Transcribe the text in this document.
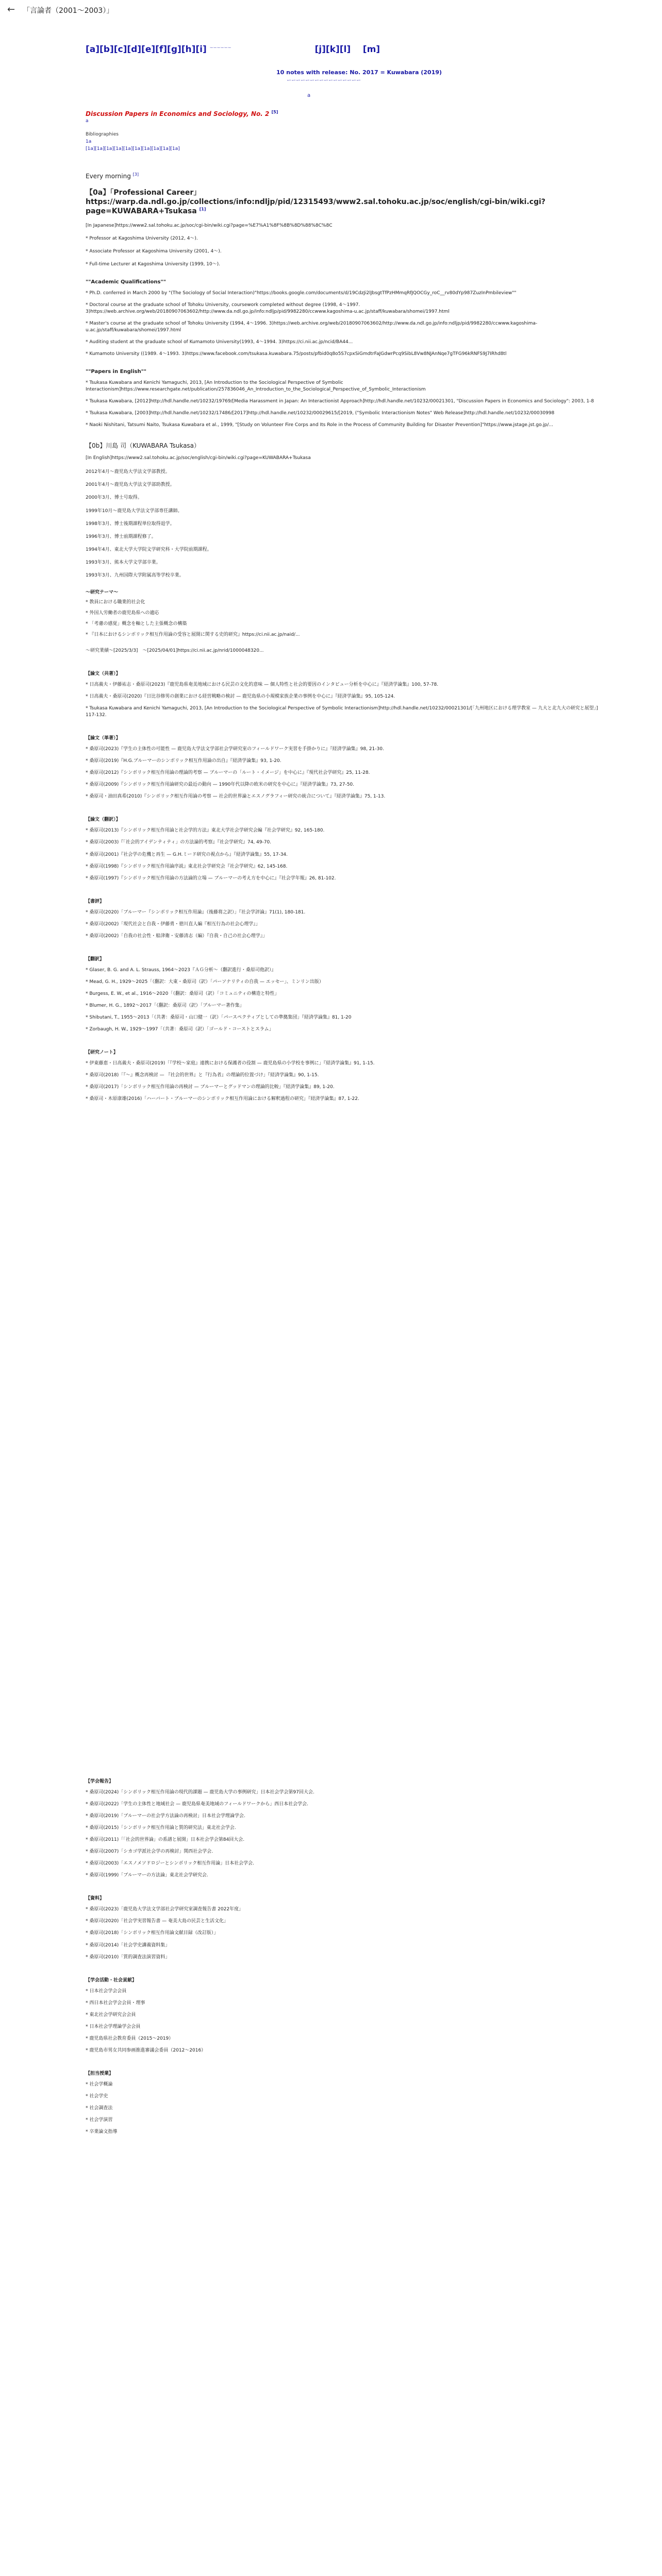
← 「言論者（2001〜2003）」
[a][b][c][d][e][f][g][h][i] $^{ーーーーーー}$	[j][k][l] [m]
10 notes with release: No. 2017 = Kuwabara (2019)
ーーーーーーーーーーーーーーーー
a
Discussion Papers in Economics and Sociology, No. 2 [5]
a
Bibliographies
1a
[1a][1a][1a][1a][1a][1a][1a][1a][1a][1a]
Every morning [3]
【0a】「Professional Career」https://warp.da.ndl.go.jp/collections/info:ndljp/pid/12315493/www2.sal.tohoku.ac.jp/soc/english/cgi-bin/wiki.cgi?page=KUWABARA+Tsukasa [1]
[In Japanese]https://www2.sal.tohoku.ac.jp/soc/cgi-bin/wiki.cgi?page=%E7%A1%8F%8B%8D%88%8C%8C
* Professor at Kagoshima University (2012, 4〜).
* Associate Professor at Kagoshima University (2001, 4〜).
* Full-time Lecturer at Kagoshima University (1999, 10〜).
""Academic Qualifications""
* Ph.D. conferred in March 2000 by "(The Sociology of Social Interaction)"https://books.google.com/documents/d/19CdzJi2lJbsgtTfPzHMmqRfJQOCGy_roC__rv80dYp987ZuzInPmbileview""
* Doctoral course at the graduate school of Tohoku University, coursework completed without degree (1998, 4〜1997. 3)https://web.archive.org/web/20180907063602/http://www.da.ndl.go.jp/info:ndljp/pid/9982280/ccwww.kagoshima-u.ac.jp/staff/kuwabara/shomei/1997.html
* Master's course at the graduate school of Tohoku University (1994, 4〜1996. 3)https://web.archive.org/web/20180907063602/http://www.da.ndl.go.jp/info:ndljp/pid/9982280/ccwww.kagoshima-u.ac.jp/staff/kuwabara/shomei/1997.html
* Auditing student at the graduate school of Kumamoto University(1993, 4〜1994. 3)https://ci.nii.ac.jp/ncid/BA44...
* Kumamoto University ((1989. 4〜1993. 3)https://www.facebook.com/tsukasa.kuwabara.75/posts/pfbid0q8o5S7cpxSiGmdtrFaJGdwrPcq9SibL8Vw8NJAnNqe7gTFG96kRNFS9J7IRhd8tl
""Papers in English""
* Tsukasa Kuwabara and Kenichi Yamaguchi, 2013, [An Introduction to the Sociological Perspective of Symbolic Interactionism]https://www.researchgate.net/publication/257836046_An_Introduction_to_the_Sociological_Perspective_of_Symbolic_Interactionism
* Tsukasa Kuwabara, [2012]http://hdl.handle.net/10232/19769/[Media Harassment in Japan: An Interactionist Approach]http://hdl.handle.net/10232/00021301, "Discussion Papers in Economics and Sociology": 2003, 1-8
* Tsukasa Kuwabara, [2003]http://hdl.handle.net/10232/17486/[2017]http://hdl.handle.net/10232/00029615/[2019, ("Symbolic Interactionism Notes" Web Release]http://hdl.handle.net/10232/00030998
* Naoki Nishitani, Tatsumi Naito, Tsukasa Kuwabara et al., 1999, "[Study on Volunteer Fire Corps and Its Role in the Process of Community Building for Disaster Prevention]"https://www.jstage.jst.go.jp/...
【0b】川島 司（KUWABARA Tsukasa）
[In English]https://www2.sal.tohoku.ac.jp/soc/english/cgi-bin/wiki.cgi?page=KUWABARA+Tsukasa
2012年4月〜鹿児島大学法文学部教授。
2001年4月〜鹿児島大学法文学部助教授。
2000年3月、博士号取得。
1999年10月〜鹿児島大学法文学部専任講師。
1998年3月、博士後期課程単位取得退学。
1996年3月、博士前期課程修了。
1994年4月、東北大学大学院文学研究科・大学院前期課程。
1993年3月、熊本大学文学部卒業。
1993年3月、九州国際大学附属高等学校卒業。
〜研究テーマ〜
* 教員における職業的社会化
* 外国人労働者の鹿児島県への適応
* 「考慮の感覚」概念を軸とした主張概念の構築
* 『日本におけるシンボリック相互作用論の受容と展開に関する史的研究』https://ci.nii.ac.jp/naid/...
〜研究業績〜[2025/3/3]　〜[2025/04/01]https://ci.nii.ac.jp/nrid/1000048320...
【論文（共著）】
* 日高義夫・伊藤祐志・桑原司(2023)『鹿児島県奄美地域における民芸の文化的意味 — 個人特性と社会的要因のインタビュー分析を中心に』『経済学論集』100, 57-78.
* 日高義夫・桑原司(2020)『日比谷修男の創業における経営戦略の検討 — 鹿児島県の小規模家族企業の事例を中心に』『経済学論集』95, 105-124.
* Tsukasa Kuwabara and Kenichi Yamaguchi, 2013, [An Introduction to the Sociological Perspective of Symbolic Interactionism]http://hdl.handle.net/10232/00021301/[「九州地区における理学教室 — 九大と北九大の研究と展望」] 117-132.
【論文（単著）】
* 桑原司(2023)『学生の主体性の可能性 — 鹿児島大学法文学部社会学研究室のフィールドワーク実習を手掛かりに』『経済学論集』98, 21-30.
* 桑原司(2019)『H.G.ブルーマーのシンボリック相互作用論の出自』『経済学論集』93, 1-20.
* 桑原司(2012)『シンボリック相互作用論の理論的考察 — ブルーマーの「ルート・イメージ」を中心に』『現代社会学研究』25, 11-28.
* 桑原司(2009)『シンボリック相互作用論研究の最近の動向 — 1990年代以降の欧米の研究を中心に』『経済学論集』73, 27-50.
* 桑原司・油田真希(2010)『シンボリック相互作用論の考察 — 社会的世界論とエスノグラフィー研究の統合について』『経済学論集』75, 1-13.
【論文（翻訳）】
* 桑原司(2013)『シンボリック相互作用論と社会学的方法』東北大学社会学研究会編『社会学研究』92, 165-180.
* 桑原司(2003)『「社会的アイデンティティ」の方法論的考察』『社会学研究』74, 49-70.
* 桑原司(2001)『社会学の危機と再生 — G.H.ミード研究の視点から』『経済学論集』55, 17-34.
* 桑原司(1998)『シンボリック相互作用論序説』東北社会学研究会『社会学研究』62, 145-168.
* 桑原司(1997)『シンボリック相互作用論の方法論的立場 — ブルーマーの考え方を中心に』『社会学年報』26, 81-102.
【書評】
* 桑原司(2020)「ブルーマー『シンボリック相互作用論』（後藤将之訳）」『社会学評論』71(1), 180-181.
* 桑原司(2002)「現代社会と自我・伊藤勇・徳川直人編『相互行為の社会心理学』」
* 桑原司(2002)「自我の社会性・船津衛・安藤清志（編）『自我・自己の社会心理学』」
【翻訳】
* Glaser, B. G. and A. L. Strauss, 1964〜2023『ＡＧ分析〜（翻訳進行・桑原司他訳）』
* Mead, G. H., 1929〜2025「（翻訳：大東・桑原司（訳）「パーソナリティの自我 — エッセー」、ミンリン出版）
* Burgess, E. W., et al., 1916〜2020「（翻訳：桑原司（訳）「コミュニティの構造と特性」
* Blumer, H. G., 1892〜2017「（翻訳：桑原司（訳）「ブルーマー著作集」
* Shibutani, T., 1955〜2013「（共著：桑原司・山口健一（訳）「パースペクティブとしての準拠集団」『経済学論集』81, 1-20
* Zorbaugh, H. W., 1929〜1997「（共著：桑原司（訳）「ゴールド・コーストとスラム」
【研究ノート】
* 伊東藤恵・日高義夫・桑原司(2019)「『学校〜家庭』連携における保護者の役割 — 鹿児島県の小学校を事例に」『経済学論集』91, 1-15.
* 桑原司(2018)「『〜』概念再検討 — 『社会的世界』と『行為者』の理論的位置づけ」『経済学論集』90, 1-15.
* 桑原司(2017)「シンボリック相互作用論の再検討 — ブルーマーとグッドマンの理論的比較」『経済学論集』89, 1-20.
* 桑原司・木原康雄(2016)「ハーバート・ブルーマーのシンボリック相互作用論における解釈過程の研究」『経済学論集』87, 1-22.
【学会報告】
* 桑原司(2024)「シンボリック相互作用論の現代的課題 — 鹿児島大学の事例研究」日本社会学会第97回大会.
* 桑原司(2022)「学生の主体性と地域社会 — 鹿児島県奄美地域のフィールドワークから」西日本社会学会.
* 桑原司(2019)「ブルーマーの社会学方法論の再検討」日本社会学理論学会.
* 桑原司(2015)「シンボリック相互作用論と質的研究法」東北社会学会.
* 桑原司(2011)「「社会的世界論」の系譜と展開」日本社会学会第84回大会.
* 桑原司(2007)「シカゴ学派社会学の再検討」関西社会学会.
* 桑原司(2003)「エスノメソドロジーとシンボリック相互作用論」日本社会学会.
* 桑原司(1999)「ブルーマーの方法論」東北社会学研究会.
【資料】
* 桑原司(2023)「鹿児島大学法文学部社会学研究室調査報告書 2022年度」
* 桑原司(2020)「社会学実習報告書 — 奄美大島の民芸と生活文化」
* 桑原司(2018)「シンボリック相互作用論文献目録（改訂版）」
* 桑原司(2014)「社会学史講義資料集」
* 桑原司(2010)「質的調査法演習資料」
【学会活動・社会貢献】
* 日本社会学会会員
* 西日本社会学会会員・理事
* 東北社会学研究会会員
* 日本社会学理論学会会員
* 鹿児島県社会教育委員（2015〜2019）
* 鹿児島市男女共同参画推進審議会委員（2012〜2016）
【担当授業】
* 社会学概論
* 社会学史
* 社会調査法
* 社会学演習
* 卒業論文指導
